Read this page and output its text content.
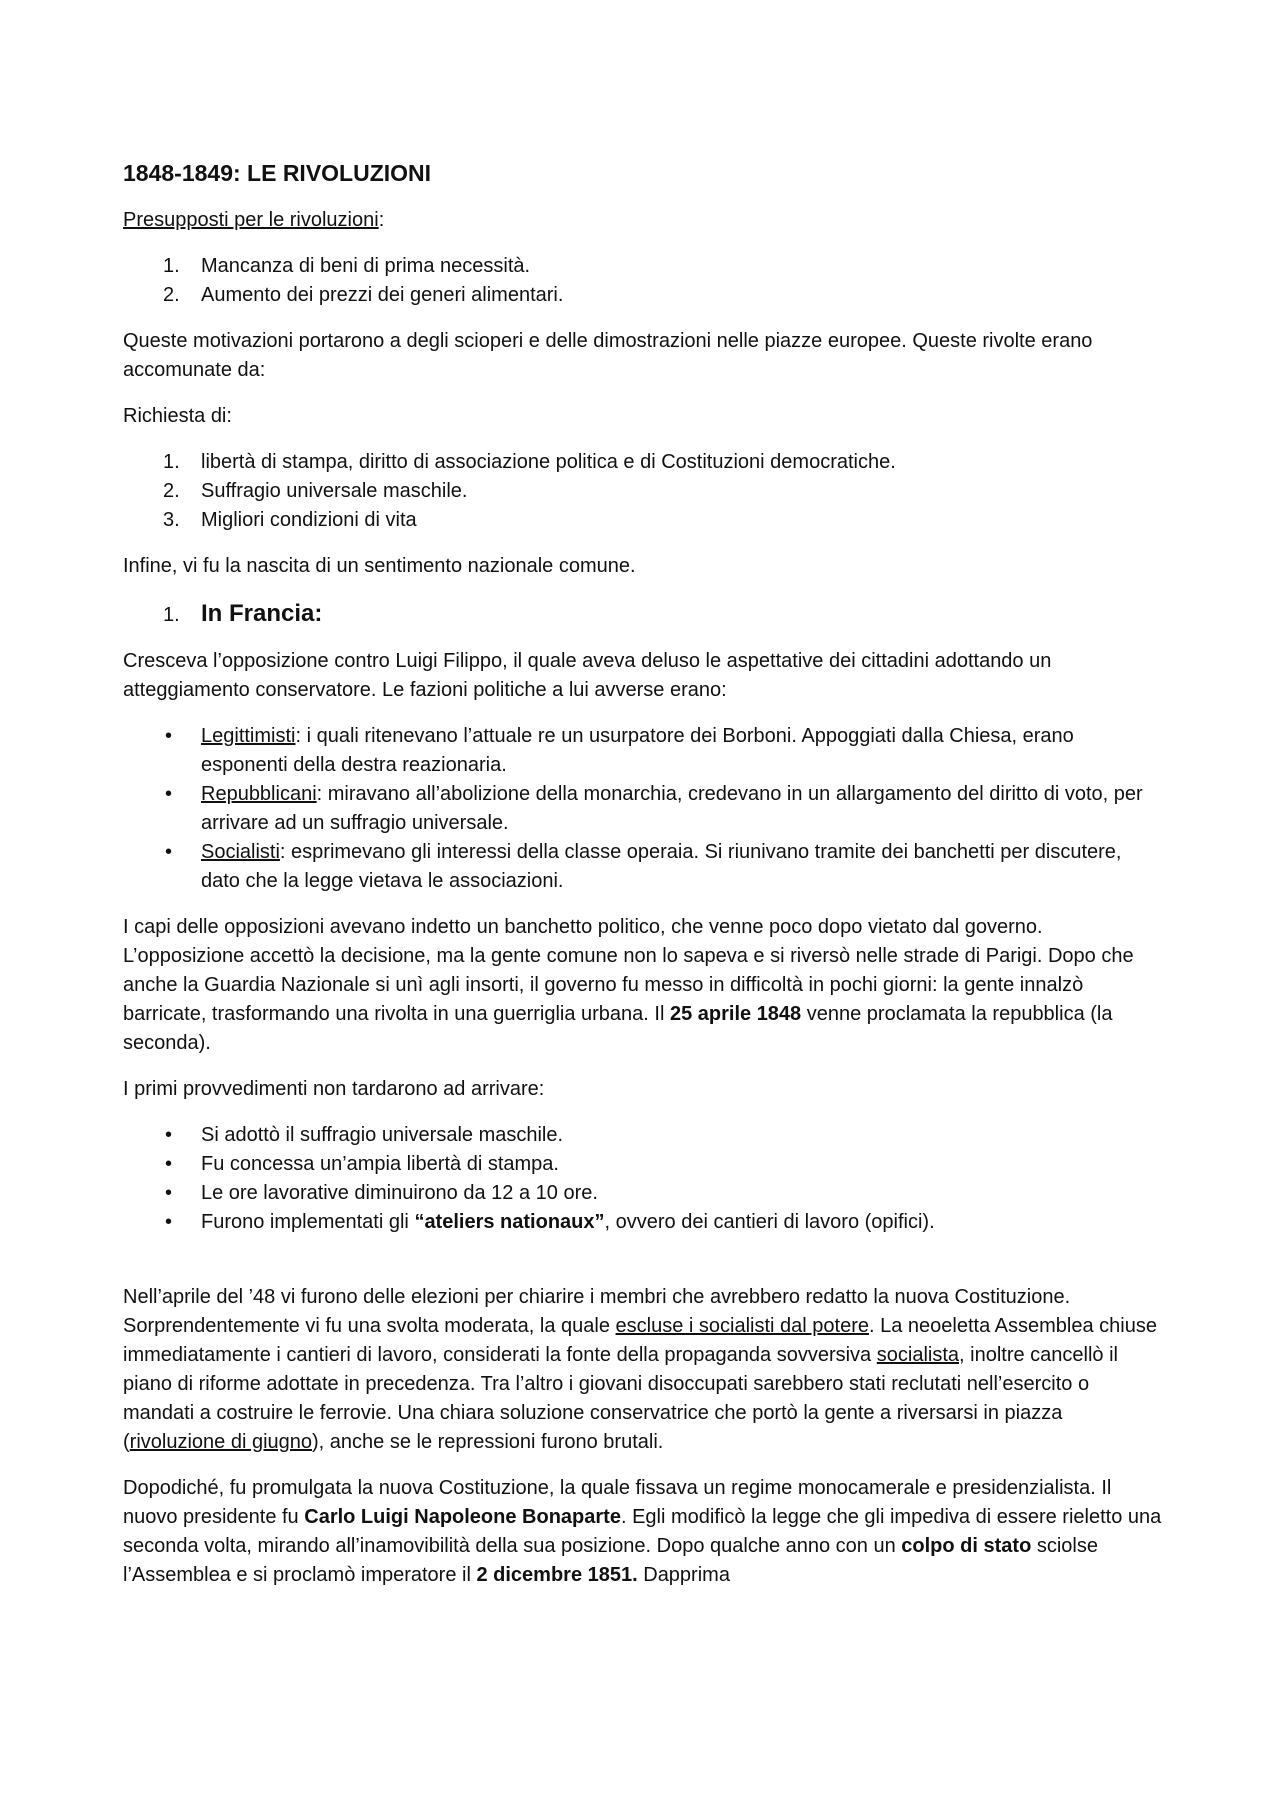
1848-1849: LE RIVOLUZIONI

Presupposti per le rivoluzioni:

1. Mancanza di beni di prima necessità.
2. Aumento dei prezzi dei generi alimentari.

Queste motivazioni portarono a degli scioperi e delle dimostrazioni nelle piazze europee. Queste rivolte erano accomunate da:

Richiesta di:

1. libertà di stampa, diritto di associazione politica e di Costituzioni democratiche.
2. Suffragio universale maschile.
3. Migliori condizioni di vita

Infine, vi fu la nascita di un sentimento nazionale comune.

1. In Francia:

Cresceva l’opposizione contro Luigi Filippo, il quale aveva deluso le aspettative dei cittadini adottando un atteggiamento conservatore. Le fazioni politiche a lui avverse erano:

• Legittimisti: i quali ritenevano l’attuale re un usurpatore dei Borboni. Appoggiati dalla Chiesa, erano esponenti della destra reazionaria.
• Repubblicani: miravano all’abolizione della monarchia, credevano in un allargamento del diritto di voto, per arrivare ad un suffragio universale.
• Socialisti: esprimevano gli interessi della classe operaia. Si riunivano tramite dei banchetti per discutere, dato che la legge vietava le associazioni.

I capi delle opposizioni avevano indetto un banchetto politico, che venne poco dopo vietato dal governo. L’opposizione accettò la decisione, ma la gente comune non lo sapeva e si riversò nelle strade di Parigi. Dopo che anche la Guardia Nazionale si unì agli insorti, il governo fu messo in difficoltà in pochi giorni: la gente innalzò barricate, trasformando una rivolta in una guerriglia urbana. Il 25 aprile 1848 venne proclamata la repubblica (la seconda).

I primi provvedimenti non tardarono ad arrivare:

• Si adottò il suffragio universale maschile.
• Fu concessa un’ampia libertà di stampa.
• Le ore lavorative diminuirono da 12 a 10 ore.
• Furono implementati gli “ateliers nationaux”, ovvero dei cantieri di lavoro (opifici).

Nell’aprile del ’48 vi furono delle elezioni per chiarire i membri che avrebbero redatto la nuova Costituzione. Sorprendentemente vi fu una svolta moderata, la quale escluse i socialisti dal potere. La neoeletta Assemblea chiuse immediatamente i cantieri di lavoro, considerati la fonte della propaganda sovversiva socialista, inoltre cancellò il piano di riforme adottate in precedenza. Tra l’altro i giovani disoccupati sarebbero stati reclutati nell’esercito o mandati a costruire le ferrovie. Una chiara soluzione conservatrice che portò la gente a riversarsi in piazza (rivoluzione di giugno), anche se le repressioni furono brutali.

Dopodiché, fu promulgata la nuova Costituzione, la quale fissava un regime monocamerale e presidenzialista. Il nuovo presidente fu Carlo Luigi Napoleone Bonaparte. Egli modificò la legge che gli impediva di essere rieletto una seconda volta, mirando all’inamovibilità della sua posizione. Dopo qualche anno con un colpo di stato sciolse l’Assemblea e si proclamò imperatore il 2 dicembre 1851. Dapprima
